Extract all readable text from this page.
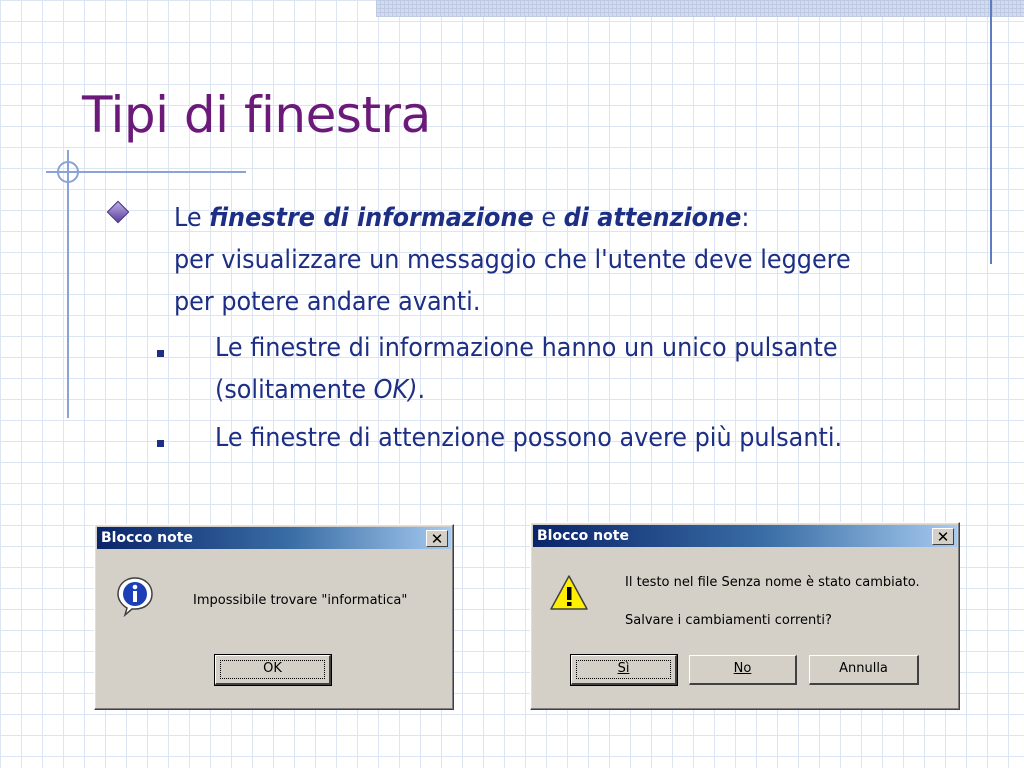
Tipi di finestra
Le finestre di informazione e di attenzione:
per visualizzare un messaggio che l'utente deve leggere per potere andare avanti.
Le finestre di informazione hanno un unico pulsante (solitamente OK).
Le finestre di attenzione possono avere più pulsanti.
Blocco note	✕
Impossibile trovare "informatica"
OK
Blocco note	✕
Il testo nel file Senza nome è stato cambiato.
Salvare i cambiamenti correnti?
Sì	No	Annulla
